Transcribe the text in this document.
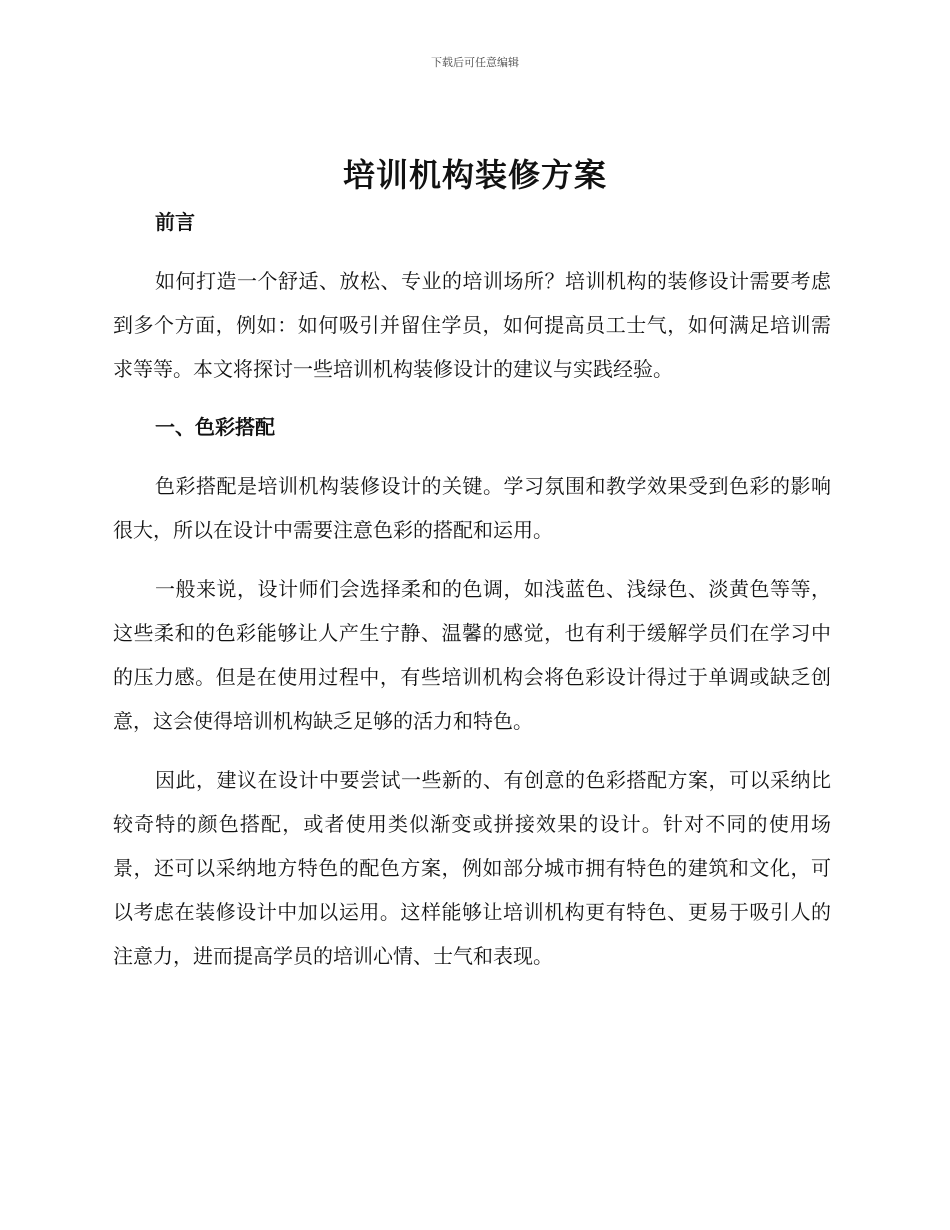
下载后可任意编辑
培训机构装修方案
前言

如何打造一个舒适、放松、专业的培训场所？培训机构的装修设计需要考虑到多个方面，例如：如何吸引并留住学员，如何提高员工士气，如何满足培训需求等等。本文将探讨一些培训机构装修设计的建议与实践经验。

一、色彩搭配

色彩搭配是培训机构装修设计的关键。学习氛围和教学效果受到色彩的影响很大，所以在设计中需要注意色彩的搭配和运用。

一般来说，设计师们会选择柔和的色调，如浅蓝色、浅绿色、淡黄色等等，这些柔和的色彩能够让人产生宁静、温馨的感觉，也有利于缓解学员们在学习中的压力感。但是在使用过程中，有些培训机构会将色彩设计得过于单调或缺乏创意，这会使得培训机构缺乏足够的活力和特色。

因此，建议在设计中要尝试一些新的、有创意的色彩搭配方案，可以采纳比较奇特的颜色搭配，或者使用类似渐变或拼接效果的设计。针对不同的使用场景，还可以采纳地方特色的配色方案，例如部分城市拥有特色的建筑和文化，可以考虑在装修设计中加以运用。这样能够让培训机构更有特色、更易于吸引人的注意力，进而提高学员的培训心情、士气和表现。
